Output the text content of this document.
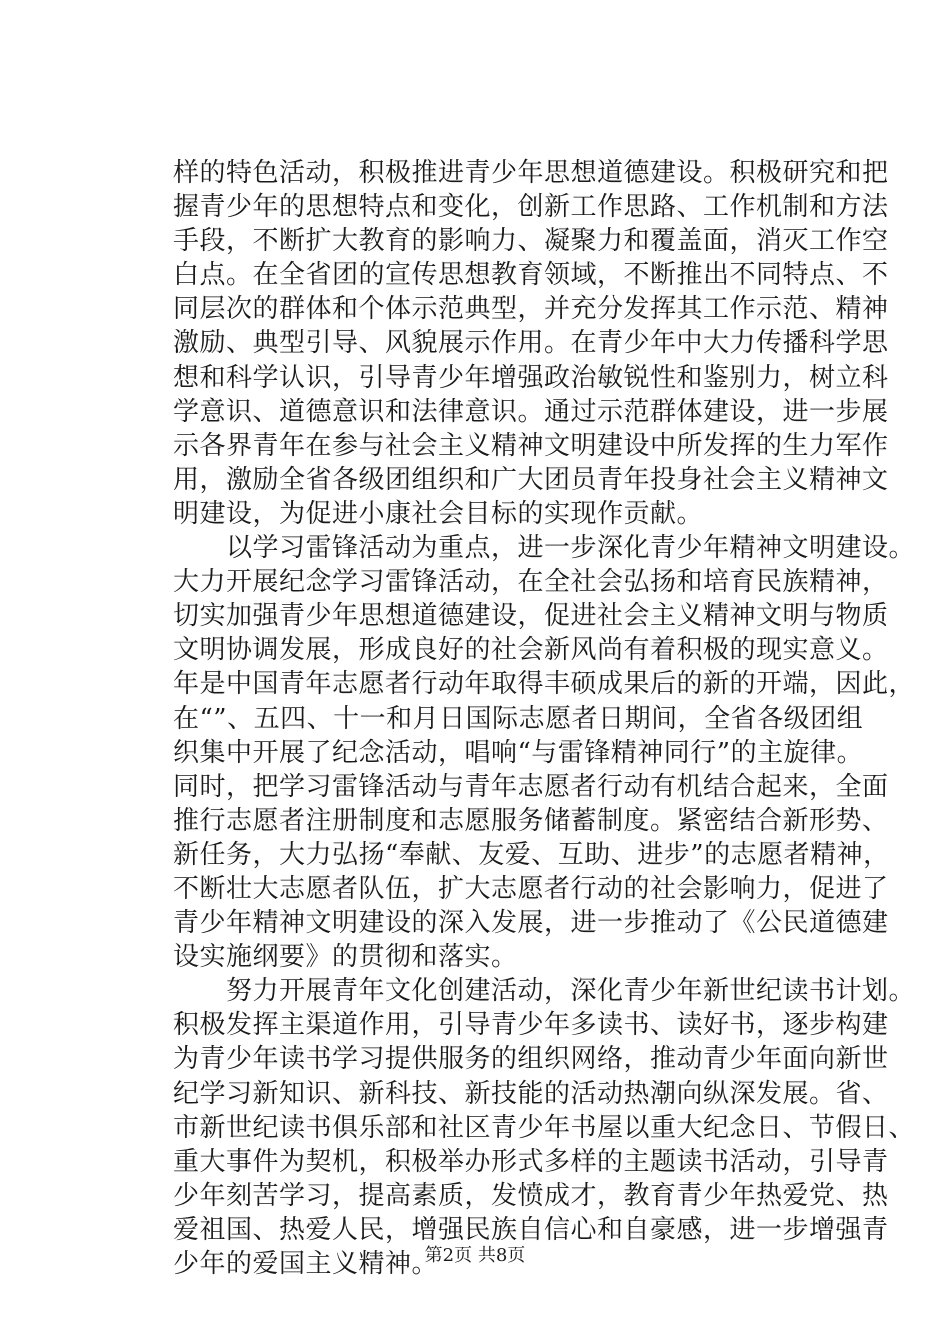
样的特色活动，积极推进青少年思想道德建设。积极研究和把
握青少年的思想特点和变化，创新工作思路、工作机制和方法
手段，不断扩大教育的影响力、凝聚力和覆盖面，消灭工作空
白点。在全省团的宣传思想教育领域，不断推出不同特点、不
同层次的群体和个体示范典型，并充分发挥其工作示范、精神
激励、典型引导、风貌展示作用。在青少年中大力传播科学思
想和科学认识，引导青少年增强政治敏锐性和鉴别力，树立科
学意识、道德意识和法律意识。通过示范群体建设，进一步展
示各界青年在参与社会主义精神文明建设中所发挥的生力军作
用，激励全省各级团组织和广大团员青年投身社会主义精神文
明建设，为促进小康社会目标的实现作贡献。
　　以学习雷锋活动为重点，进一步深化青少年精神文明建设。
大力开展纪念学习雷锋活动，在全社会弘扬和培育民族精神，
切实加强青少年思想道德建设，促进社会主义精神文明与物质
文明协调发展，形成良好的社会新风尚有着积极的现实意义。
年是中国青年志愿者行动年取得丰硕成果后的新的开端，因此，
在“”、五四、十一和月日国际志愿者日期间，全省各级团组
织集中开展了纪念活动，唱响“与雷锋精神同行”的主旋律。
同时，把学习雷锋活动与青年志愿者行动有机结合起来，全面
推行志愿者注册制度和志愿服务储蓄制度。紧密结合新形势、
新任务，大力弘扬“奉献、友爱、互助、进步”的志愿者精神，
不断壮大志愿者队伍，扩大志愿者行动的社会影响力，促进了
青少年精神文明建设的深入发展，进一步推动了《公民道德建
设实施纲要》的贯彻和落实。
　　努力开展青年文化创建活动，深化青少年新世纪读书计划。
积极发挥主渠道作用，引导青少年多读书、读好书，逐步构建
为青少年读书学习提供服务的组织网络，推动青少年面向新世
纪学习新知识、新科技、新技能的活动热潮向纵深发展。省、
市新世纪读书俱乐部和社区青少年书屋以重大纪念日、节假日、
重大事件为契机，积极举办形式多样的主题读书活动，引导青
少年刻苦学习，提高素质，发愤成才，教育青少年热爱党、热
爱祖国、热爱人民，增强民族自信心和自豪感，进一步增强青
少年的爱国主义精神。
第2页 共8页
